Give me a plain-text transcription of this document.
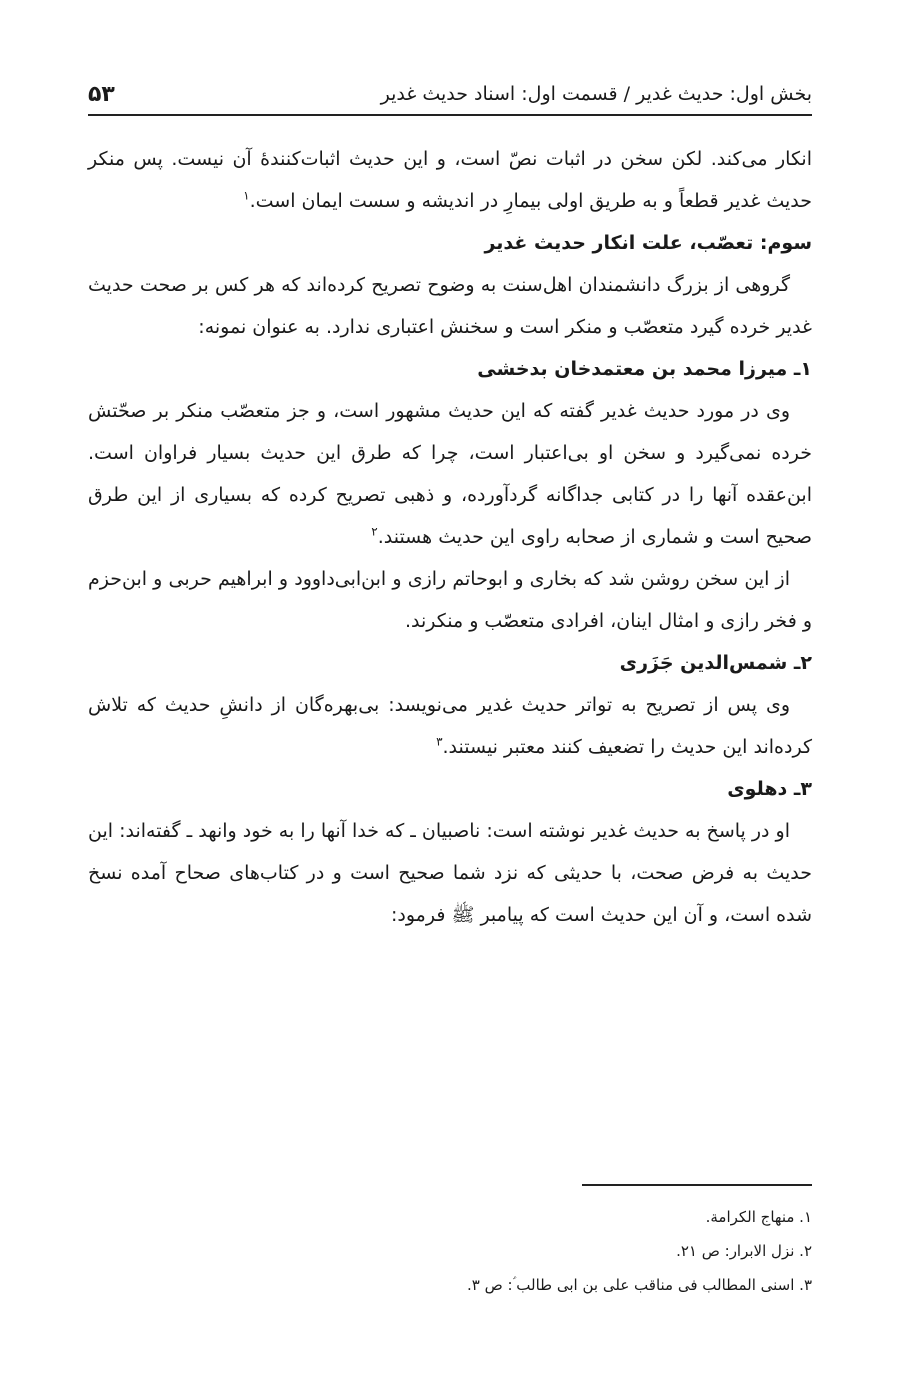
بخش اول: حدیث غدیر / قسمت اول: اسناد حدیث غدیر
۵۳

انکار می‌کند. لکن سخن در اثبات نصّ است، و این حدیث اثبات‌کنندهٔ آن نیست. پس منکر حدیث غدیر قطعاً و به طریق اولی بیمارِ در اندیشه و سست ایمان است.$^۱$

سوم: تعصّب، علت انکار حدیث غدیر

گروهی از بزرگ دانشمندان اهل‌سنت به وضوح تصریح کرده‌اند که هر کس بر صحت حدیث غدیر خرده گیرد متعصّب و منکر است و سخنش اعتباری ندارد. به عنوان نمونه:

۱ـ میرزا محمد بن معتمدخان بدخشی

وی در مورد حدیث غدیر گفته که این حدیث مشهور است، و جز متعصّب منکر بر صحّتش خرده نمی‌گیرد و سخن او بی‌اعتبار است، چرا که طرق این حدیث بسیار فراوان است. ابن‌عقده آنها را در کتابی جداگانه گردآورده، و ذهبی تصریح کرده که بسیاری از این طرق صحیح است و شماری از صحابه راوی این حدیث هستند.$^۲$

از این سخن روشن شد که بخاری و ابوحاتم رازی و ابن‌ابی‌داوود و ابراهیم حربی و ابن‌حزم و فخر رازی و امثال اینان، افرادی متعصّب و منکرند.

۲ـ شمس‌الدین جَزَری

وی پس از تصریح به تواتر حدیث غدیر می‌نویسد: بی‌بهره‌گان از دانشِ حدیث که تلاش کرده‌اند این حدیث را تضعیف کنند معتبر نیستند.$^۳$

۳ـ دهلوی

او در پاسخ به حدیث غدیر نوشته است: ناصبیان ـ که خدا آنها را به خود وانهد ـ گفته‌اند: این حدیث به فرض صحت، با حدیثی که نزد شما صحیح است و در کتاب‌های صحاح آمده نسخ شده است، و آن این حدیث است که پیامبر ﷺ فرمود:

۱. منهاج الکرامة.
۲. نزل الابرار: ص ۲۱.
۳. اسنی المطالب فی مناقب علی بن ابی طالب ؑ: ص ۳.
